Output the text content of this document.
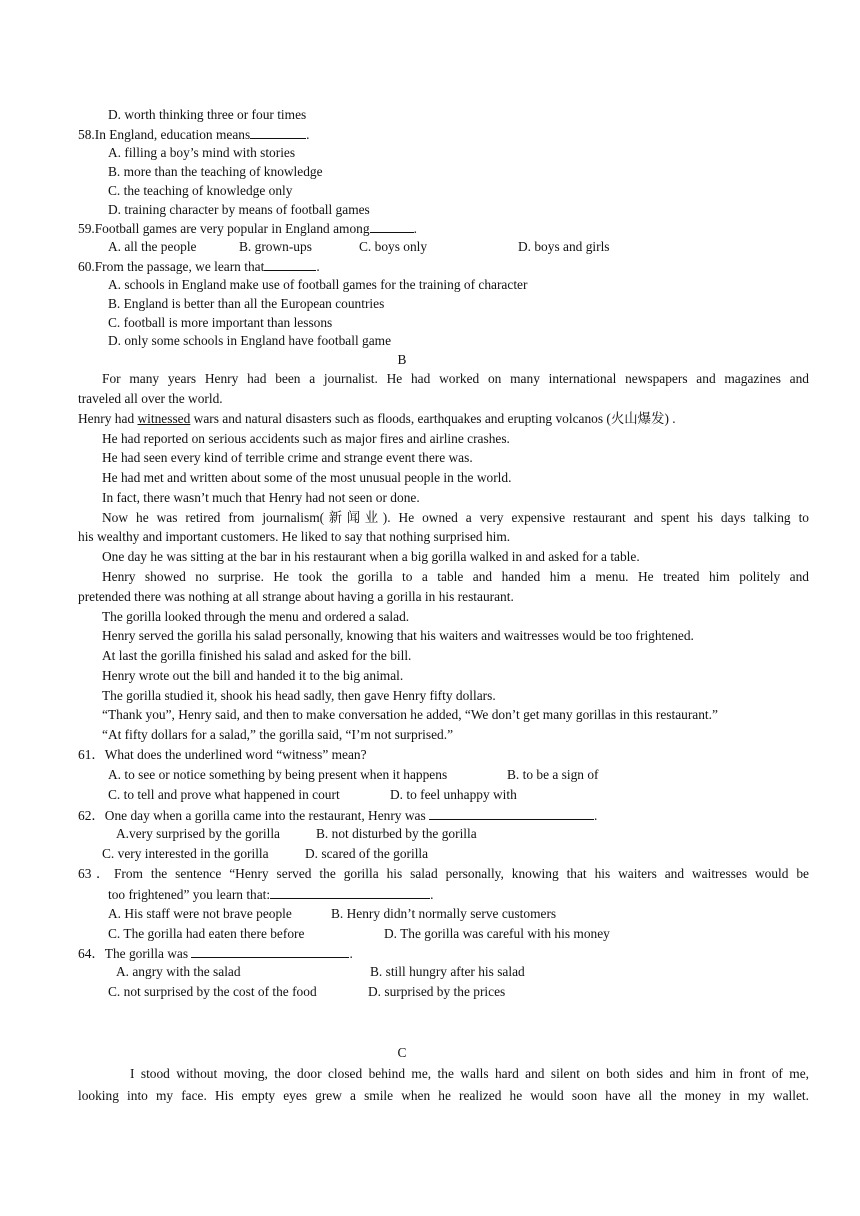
D. worth thinking three or four times
58.In England, education means	.
A. filling a boy’s mind with stories
B. more than the teaching of knowledge
C. the teaching of knowledge only
D. training character by means of football games
59.Football games are very popular in England among	.
A. all the people	B. grown-ups	C. boys only	D. boys and girls
60.From the passage, we learn that	.
A. schools in England make use of football games for the training of character
B. England is better than all the European countries
C. football is more important than lessons
D. only some schools in England have football game
B
For many years Henry had been a journalist. He had worked on many international newspapers and magazines and
traveled all over the world.
Henry had witnessed wars and natural disasters such as floods, earthquakes and erupting volcanos (火山爆发) .
He had reported on serious accidents such as major fires and airline crashes.
He had seen every kind of terrible crime and strange event there was.
He had met and written about some of the most unusual people in the world.
In fact, there wasn’t much that Henry had not seen or done.
Now he was retired from journalism(新闻业). He owned a very expensive restaurant and spent his days talking to
his wealthy and important customers. He liked to say that nothing surprised him.
One day he was sitting at the bar in his restaurant when a big gorilla walked in and asked for a table.
Henry showed no surprise. He took the gorilla to a table and handed him a menu. He treated him politely and
pretended there was nothing at all strange about having a gorilla in his restaurant.
The gorilla looked through the menu and ordered a salad.
Henry served the gorilla his salad personally, knowing that his waiters and waitresses would be too frightened.
At last the gorilla finished his salad and asked for the bill.
Henry wrote out the bill and handed it to the big animal.
The gorilla studied it, shook his head sadly, then gave Henry fifty dollars.
“Thank you”, Henry said, and then to make conversation he added, “We don’t get many gorillas in this restaurant.”
“At fifty dollars for a salad,” the gorilla said, “I’m not surprised.”
61．What does the underlined word “witness” mean?
A. to see or notice something by being present when it happens	B. to be a sign of
C. to tell and prove what happened in court	D. to feel unhappy with
62．One day when a gorilla came into the restaurant, Henry was	.
A.very surprised by the gorilla	B. not disturbed by the gorilla
C. very interested in the gorilla	D. scared of the gorilla
63．From the sentence “Henry served the gorilla his salad personally, knowing that his waiters and waitresses would be
too frightened” you learn that:	.
A. His staff were not brave people	B. Henry didn’t normally serve customers
C. The gorilla had eaten there before	D. The gorilla was careful with his money
64．The gorilla was	.
A. angry with the salad	B. still hungry after his salad
C. not surprised by the cost of the food	D. surprised by the prices
C
I stood without moving, the door closed behind me, the walls hard and silent on both sides and him in front of me,
looking into my face. His empty eyes grew a smile when he realized he would soon have all the money in my wallet.
